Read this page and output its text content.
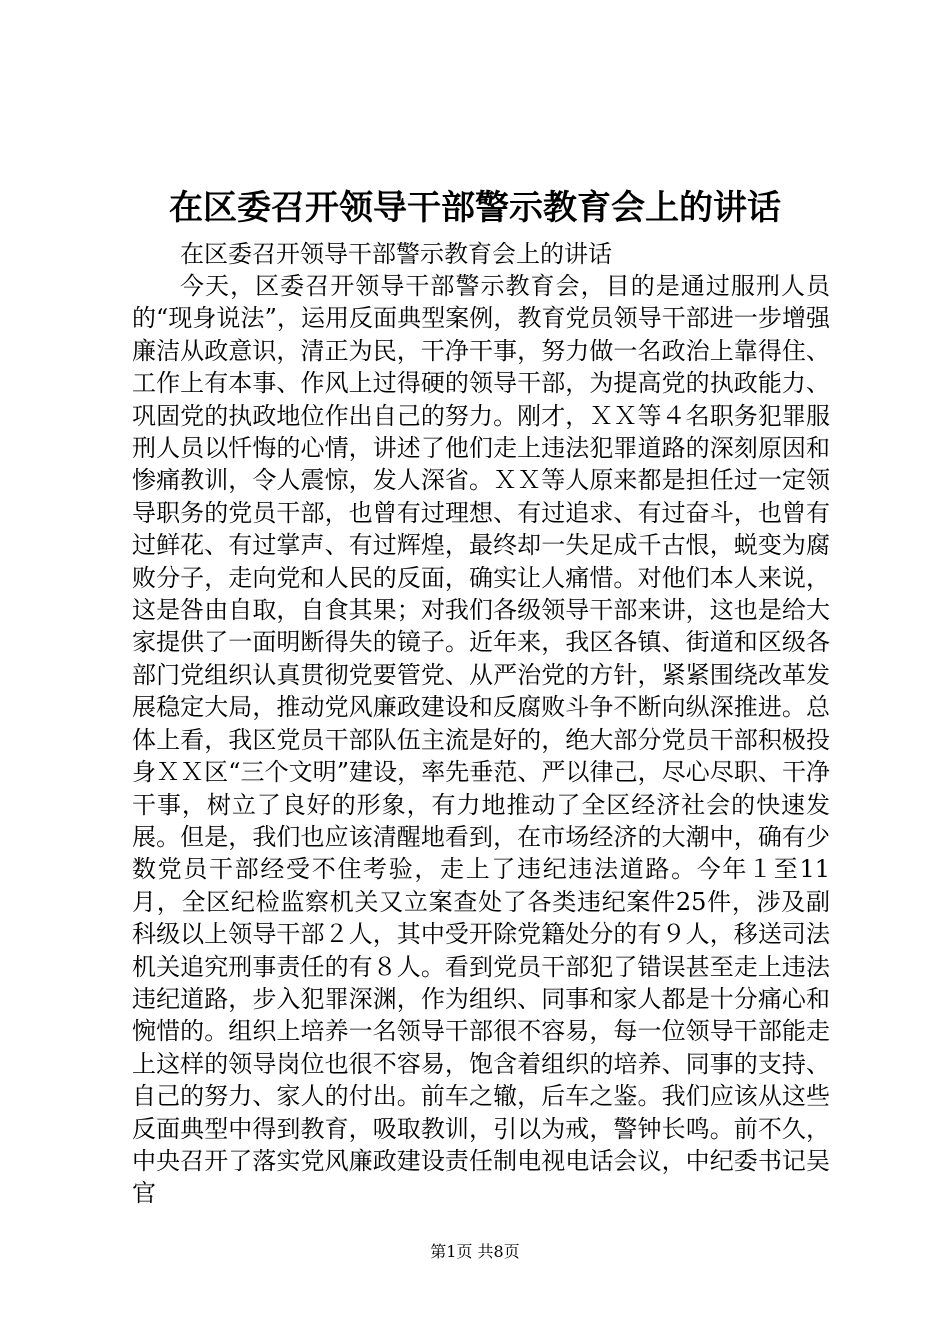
在区委召开领导干部警示教育会上的讲话
在区委召开领导干部警示教育会上的讲话

今天，区委召开领导干部警示教育会，目的是通过服刑人员的“现身说法”，运用反面典型案例，教育党员领导干部进一步增强廉洁从政意识，清正为民，干净干事，努力做一名政治上靠得住、工作上有本事、作风上过得硬的领导干部，为提高党的执政能力、巩固党的执政地位作出自己的努力。刚才，ＸＸ等４名职务犯罪服刑人员以忏悔的心情，讲述了他们走上违法犯罪道路的深刻原因和惨痛教训，令人震惊，发人深省。ＸＸ等人原来都是担任过一定领导职务的党员干部，也曾有过理想、有过追求、有过奋斗，也曾有过鲜花、有过掌声、有过辉煌，最终却一失足成千古恨，蜕变为腐败分子，走向党和人民的反面，确实让人痛惜。对他们本人来说，这是咎由自取，自食其果；对我们各级领导干部来讲，这也是给大家提供了一面明断得失的镜子。近年来，我区各镇、街道和区级各部门党组织认真贯彻党要管党、从严治党的方针，紧紧围绕改革发展稳定大局，推动党风廉政建设和反腐败斗争不断向纵深推进。总体上看，我区党员干部队伍主流是好的，绝大部分党员干部积极投身ＸＸ区“三个文明”建设，率先垂范、严以律己，尽心尽职、干净干事，树立了良好的形象，有力地推动了全区经济社会的快速发展。但是，我们也应该清醒地看到，在市场经济的大潮中，确有少数党员干部经受不住考验，走上了违纪违法道路。今年１至11月，全区纪检监察机关又立案查处了各类违纪案件25件，涉及副科级以上领导干部２人，其中受开除党籍处分的有９人，移送司法机关追究刑事责任的有８人。看到党员干部犯了错误甚至走上违法违纪道路，步入犯罪深渊，作为组织、同事和家人都是十分痛心和惋惜的。组织上培养一名领导干部很不容易，每一位领导干部能走上这样的领导岗位也很不容易，饱含着组织的培养、同事的支持、自己的努力、家人的付出。前车之辙，后车之鉴。我们应该从这些反面典型中得到教育，吸取教训，引以为戒，警钟长鸣。前不久，中央召开了落实党风廉政建设责任制电视电话会议，中纪委书记吴官

第1页 共8页
